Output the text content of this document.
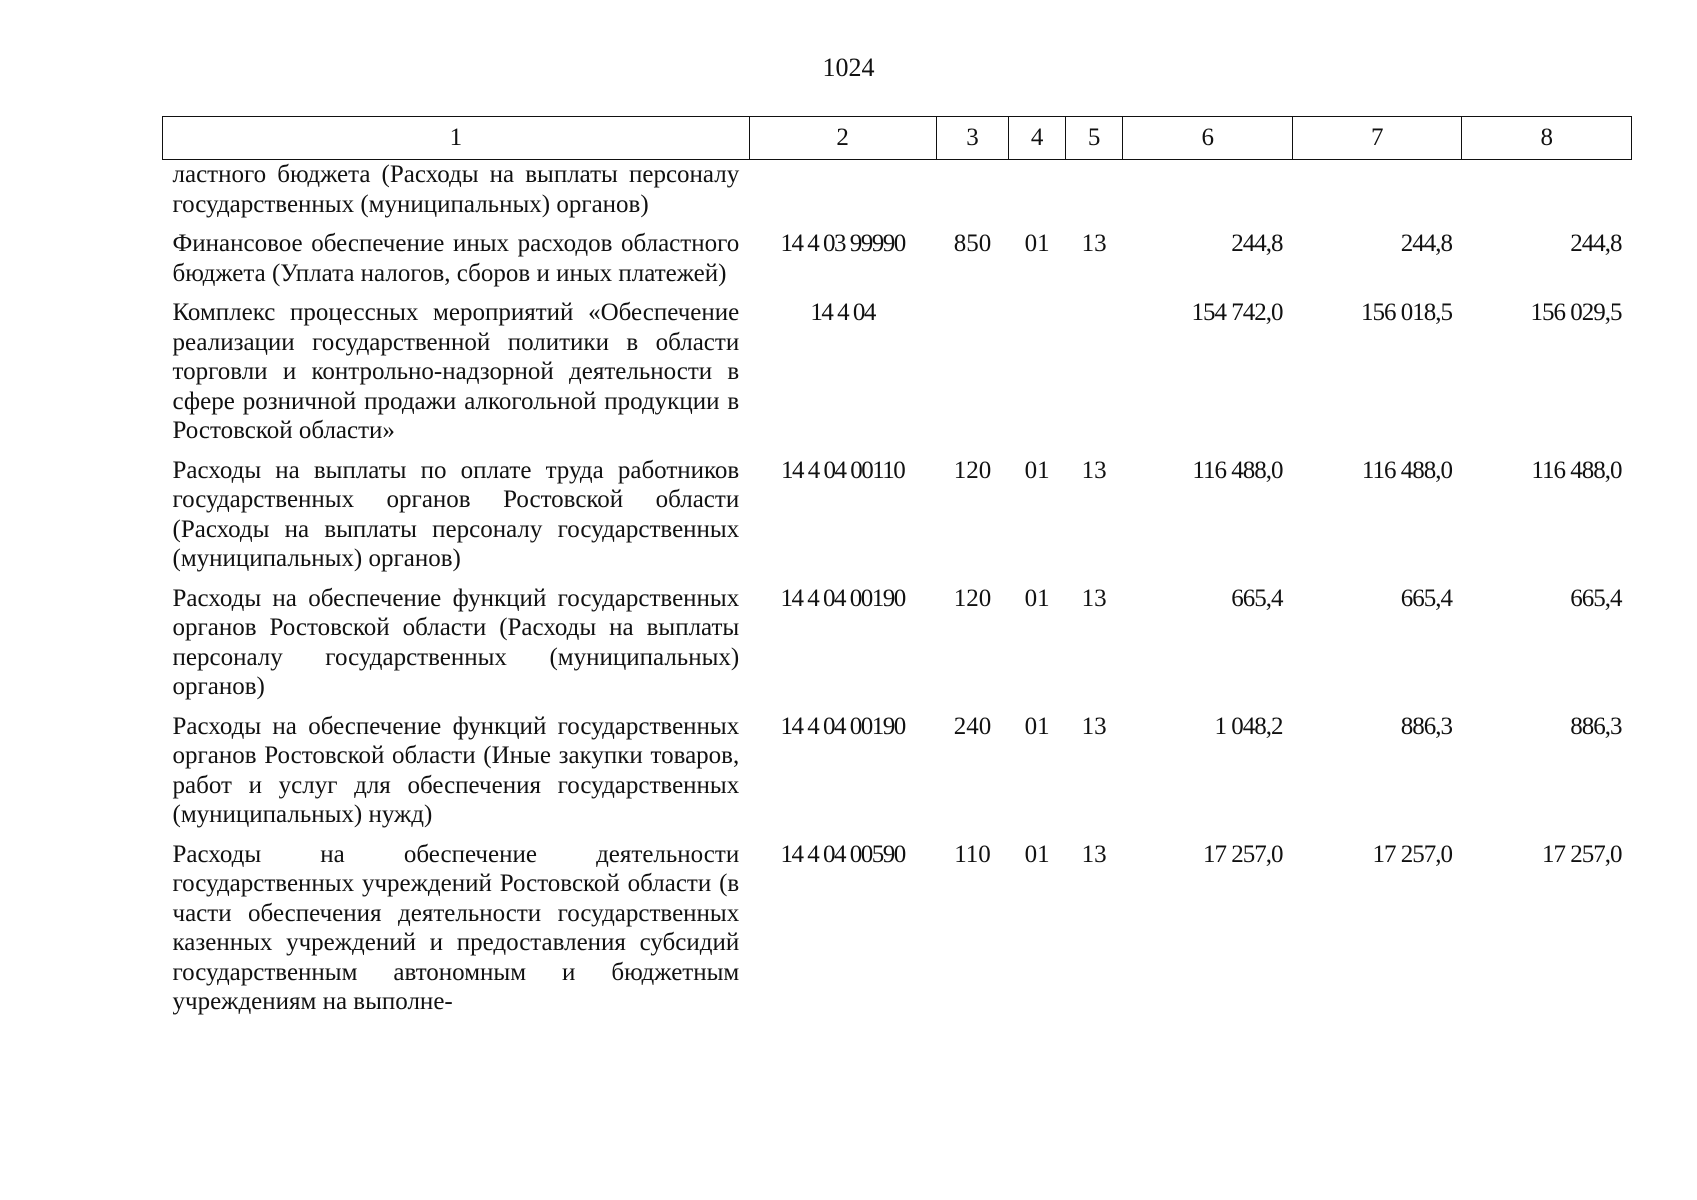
1024
1	2	3	4	5	6	7	8
ластного бюджета (Расходы на выплаты персоналу государственных (муниципальных) органов)							
Финансовое обеспечение иных расходов областного бюджета (Уплата налогов, сборов и иных платежей)	14 4 03 99990	850	01	13	244,8	244,8	244,8
Комплекс процессных мероприятий «Обеспечение реализации государственной политики в области торговли и контрольно-надзорной деятельности в сфере розничной продажи алкогольной продукции в Ростовской области»	14 4 04				154 742,0	156 018,5	156 029,5
Расходы на выплаты по оплате труда работников государственных органов Ростовской области (Расходы на выплаты персоналу государственных (муниципальных) органов)	14 4 04 00110	120	01	13	116 488,0	116 488,0	116 488,0
Расходы на обеспечение функций государственных органов Ростовской области (Расходы на выплаты персоналу государственных (муниципальных) органов)	14 4 04 00190	120	01	13	665,4	665,4	665,4
Расходы на обеспечение функций государственных органов Ростовской области (Иные закупки товаров, работ и услуг для обеспечения государственных (муниципальных) нужд)	14 4 04 00190	240	01	13	1 048,2	886,3	886,3
Расходы на обеспечение деятельности государственных учреждений Ростовской области (в части обеспечения деятельности государственных казенных учреждений и предоставления субсидий государственным автономным и бюджетным учреждениям на выполне-	14 4 04 00590	110	01	13	17 257,0	17 257,0	17 257,0
